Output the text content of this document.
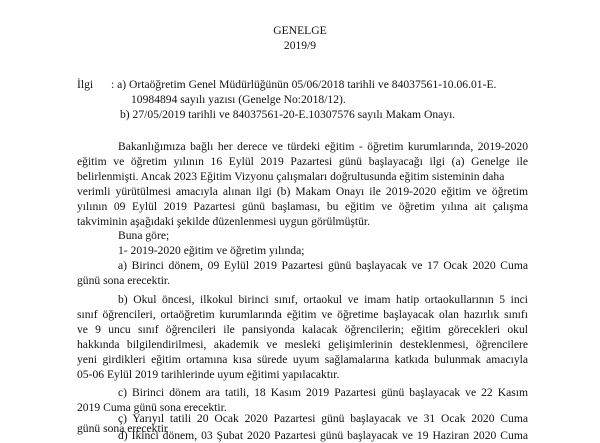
GENELGE
2019/9
İlgi : a) Ortaöğretim Genel Müdürlüğünün 05/06/2018 tarihli ve 84037561-10.06.01-E.
10984894 sayılı yazısı (Genelge No:2018/12).
b) 27/05/2019 tarihli ve 84037561-20-E.10307576 sayılı Makam Onayı.
Bakanlığımıza bağlı her derece ve türdeki eğitim - öğretim kurumlarında, 2019-2020
eğitim ve öğretim yılının 16 Eylül 2019 Pazartesi günü başlayacağı ilgi (a) Genelge ile
belirlenmişti. Ancak 2023 Eğitim Vizyonu çalışmaları doğrultusunda eğitim sisteminin daha
verimli yürütülmesi amacıyla alınan ilgi (b) Makam Onayı ile 2019-2020 eğitim ve öğretim
yılının 09 Eylül 2019 Pazartesi günü başlaması, bu eğitim ve öğretim yılına ait çalışma
takviminin aşağıdaki şekilde düzenlenmesi uygun görülmüştür.
Buna göre;
1- 2019-2020 eğitim ve öğretim yılında;
a) Birinci dönem, 09 Eylül 2019 Pazartesi günü başlayacak ve 17 Ocak 2020 Cuma
günü sona erecektir.
b) Okul öncesi, ilkokul birinci sınıf, ortaokul ve imam hatip ortaokullarının 5 inci
sınıf öğrencileri, ortaöğretim kurumlarında eğitim ve öğretime başlayacak olan hazırlık sınıfı
ve 9 uncu sınıf öğrencileri ile pansiyonda kalacak öğrencilerin; eğitim görecekleri okul
hakkında bilgilendirilmesi, akademik ve mesleki gelişimlerinin desteklenmesi, öğrencilere
yeni girdikleri eğitim ortamına kısa sürede uyum sağlamalarına katkıda bulunmak amacıyla
05-06 Eylül 2019 tarihlerinde uyum eğitimi yapılacaktır.
c) Birinci dönem ara tatili, 18 Kasım 2019 Pazartesi günü başlayacak ve 22 Kasım
2019 Cuma günü sona erecektir.
ç) Yarıyıl tatili 20 Ocak 2020 Pazartesi günü başlayacak ve 31 Ocak 2020 Cuma
günü sona erecektir
d) İkinci dönem, 03 Şubat 2020 Pazartesi günü başlayacak ve 19 Haziran 2020 Cuma
